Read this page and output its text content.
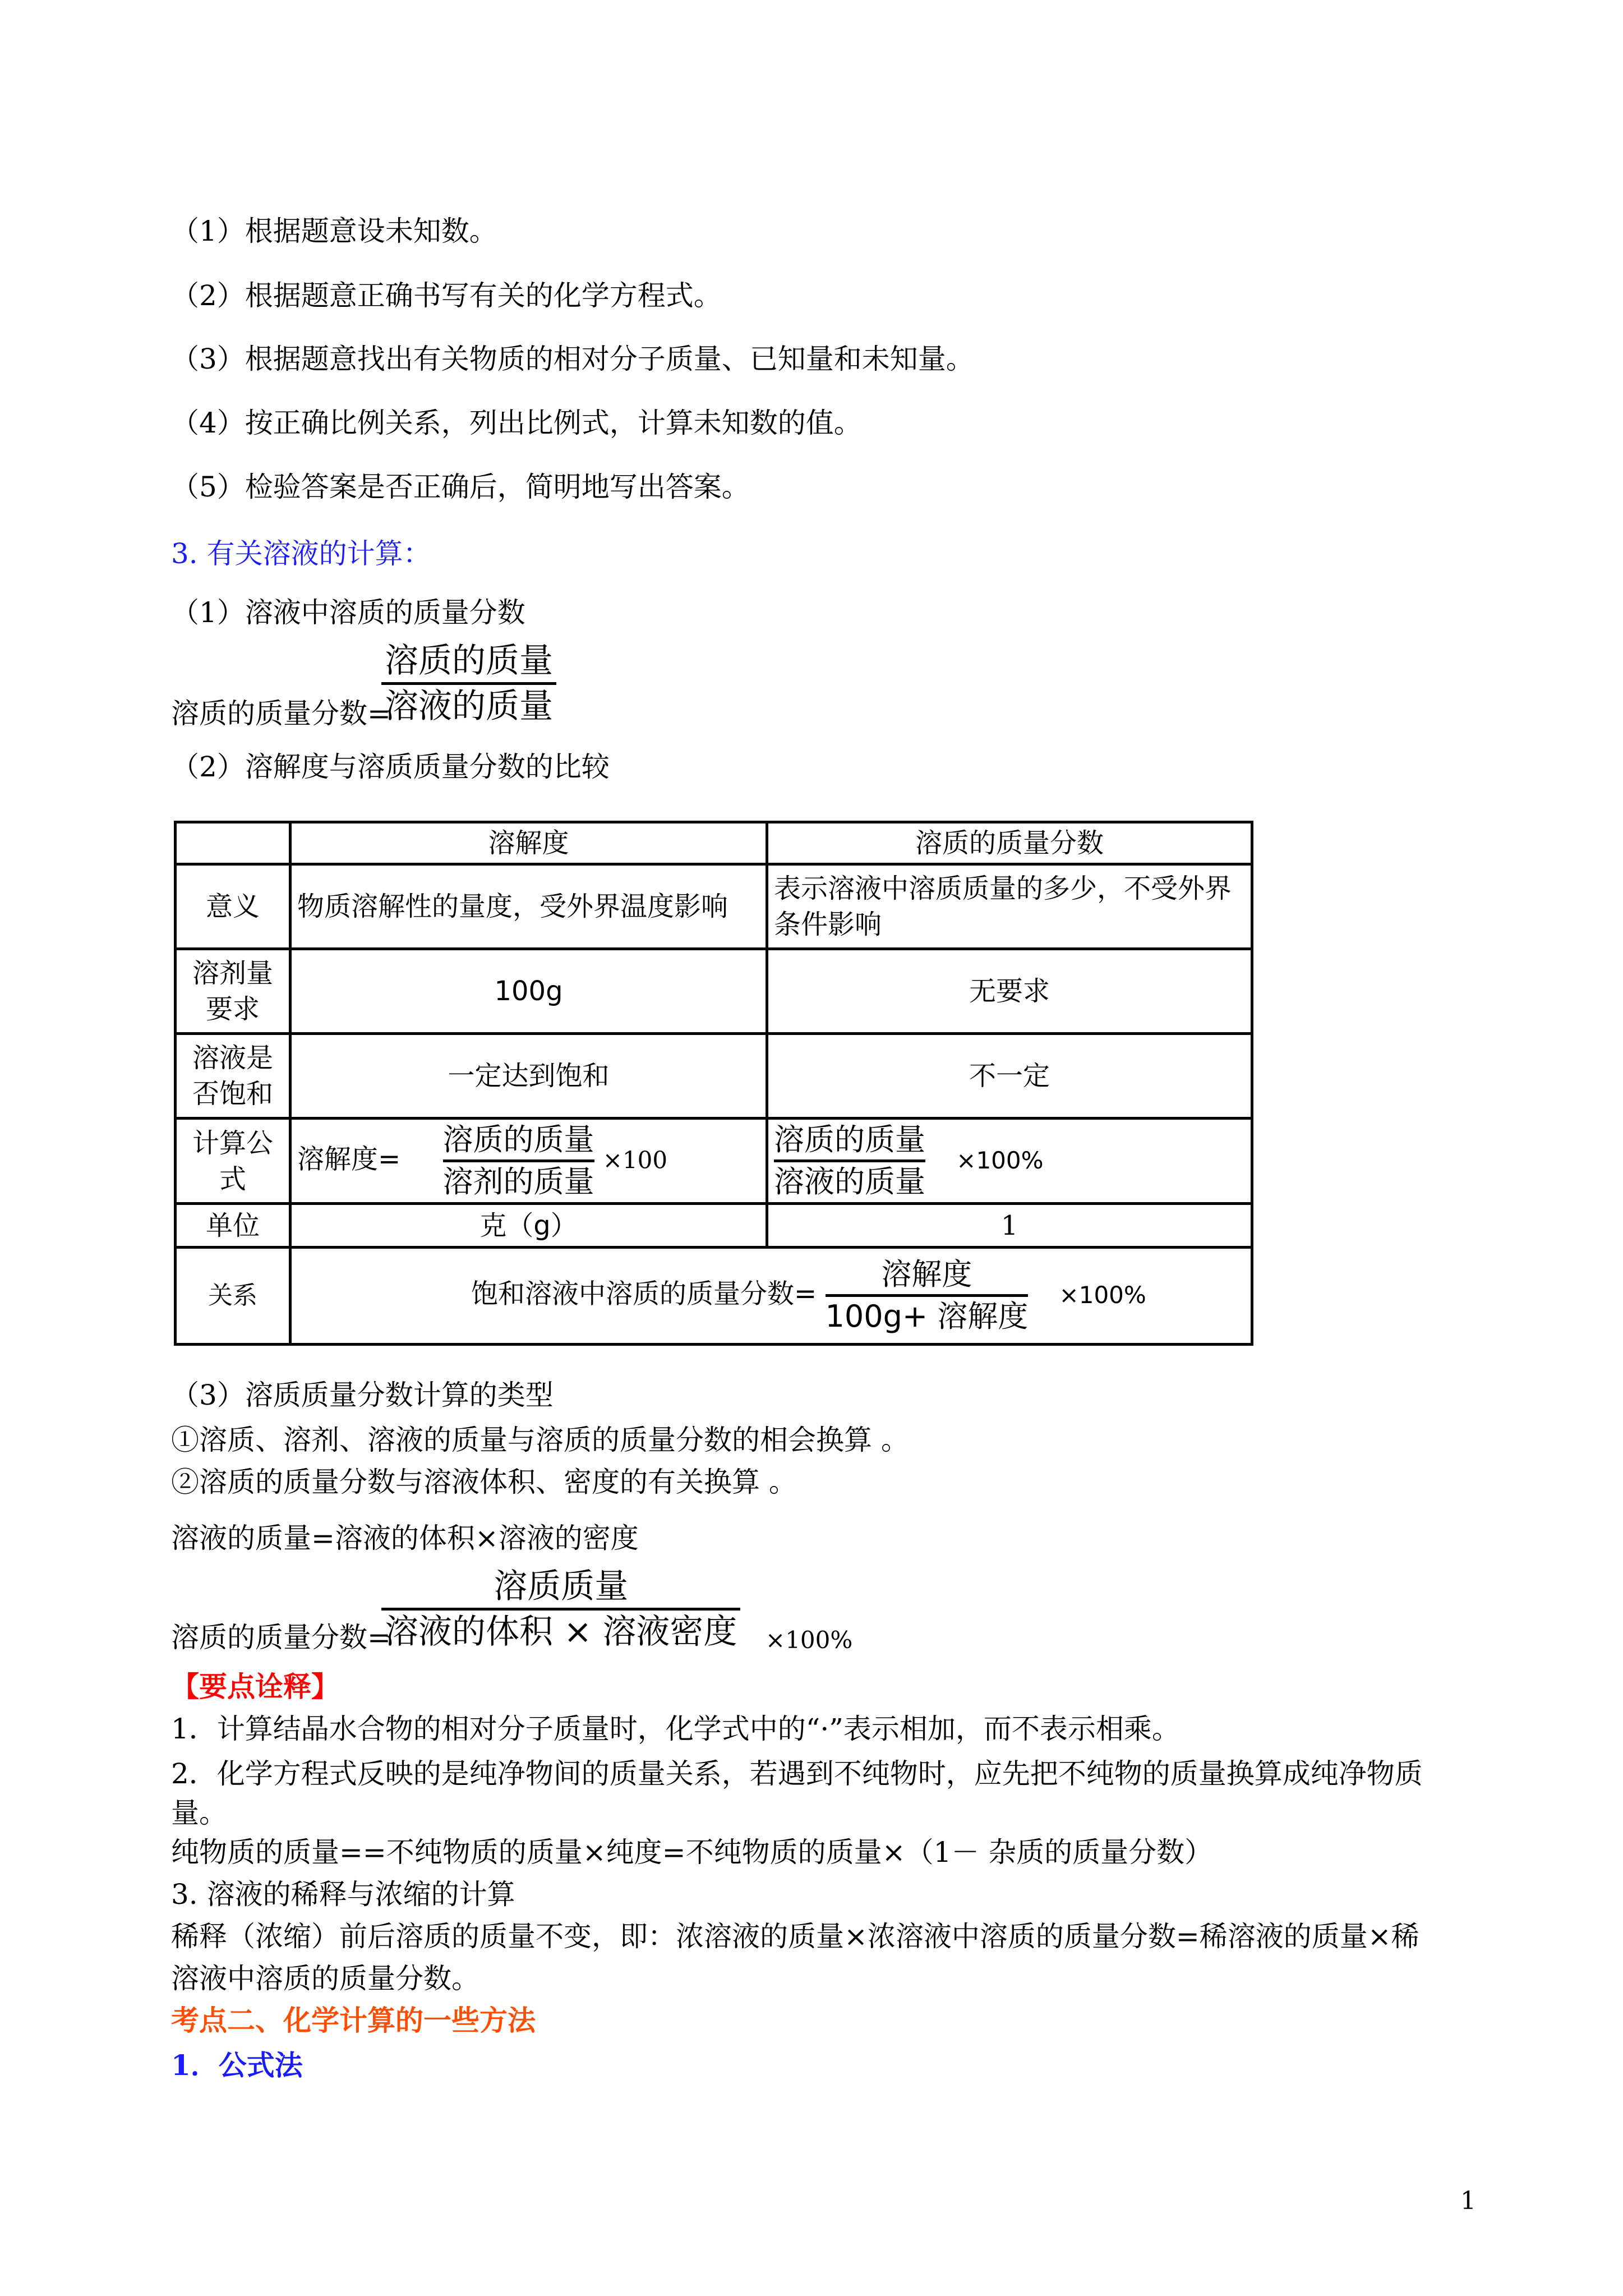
（1）根据题意设未知数。
（2）根据题意正确书写有关的化学方程式。
（3）根据题意找出有关物质的相对分子质量、已知量和未知量。
（4）按正确比例关系，列出比例式，计算未知数的值。
（5）检验答案是否正确后，简明地写出答案。
3. 有关溶液的计算：
（1）溶液中溶质的质量分数
溶质的质量分数=
溶质的质量
溶液的质量
（2）溶解度与溶质质量分数的比较
	溶解度	溶质的质量分数
意义	物质溶解性的量度，受外界温度影响	表示溶液中溶质质量的多少，不受外界条件影响
溶剂量要求	100g	无要求
溶液是否饱和	一定达到饱和	不一定
计算公式	溶解度= $\frac{\text{溶质的质量}}{\text{溶剂的质量}} \times 100$	$\frac{\text{溶质的质量}}{\text{溶液的质量}} \times 100\%$
单位	克（g）	1
关系	饱和溶液中溶质的质量分数= $\frac{\text{溶解度}}{\text{100g+ 溶解度}} \times 100\%$	
（3）溶质质量分数计算的类型
①溶质、溶剂、溶液的质量与溶质的质量分数的相会换算 。
②溶质的质量分数与溶液体积、密度的有关换算 。
溶液的质量=溶液的体积×溶液的密度
溶质的质量分数=
溶质质量
溶液的体积 × 溶液密度 ×100%
【要点诠释】
1．计算结晶水合物的相对分子质量时，化学式中的“·”表示相加，而不表示相乘。
2．化学方程式反映的是纯净物间的质量关系，若遇到不纯物时，应先把不纯物的质量换算成纯净物质
量。
纯物质的质量==不纯物质的质量×纯度=不纯物质的质量×（1－ 杂质的质量分数）
3. 溶液的稀释与浓缩的计算
稀释（浓缩）前后溶质的质量不变，即：浓溶液的质量×浓溶液中溶质的质量分数=稀溶液的质量×稀
溶液中溶质的质量分数。
考点二、化学计算的一些方法
1．公式法
1
